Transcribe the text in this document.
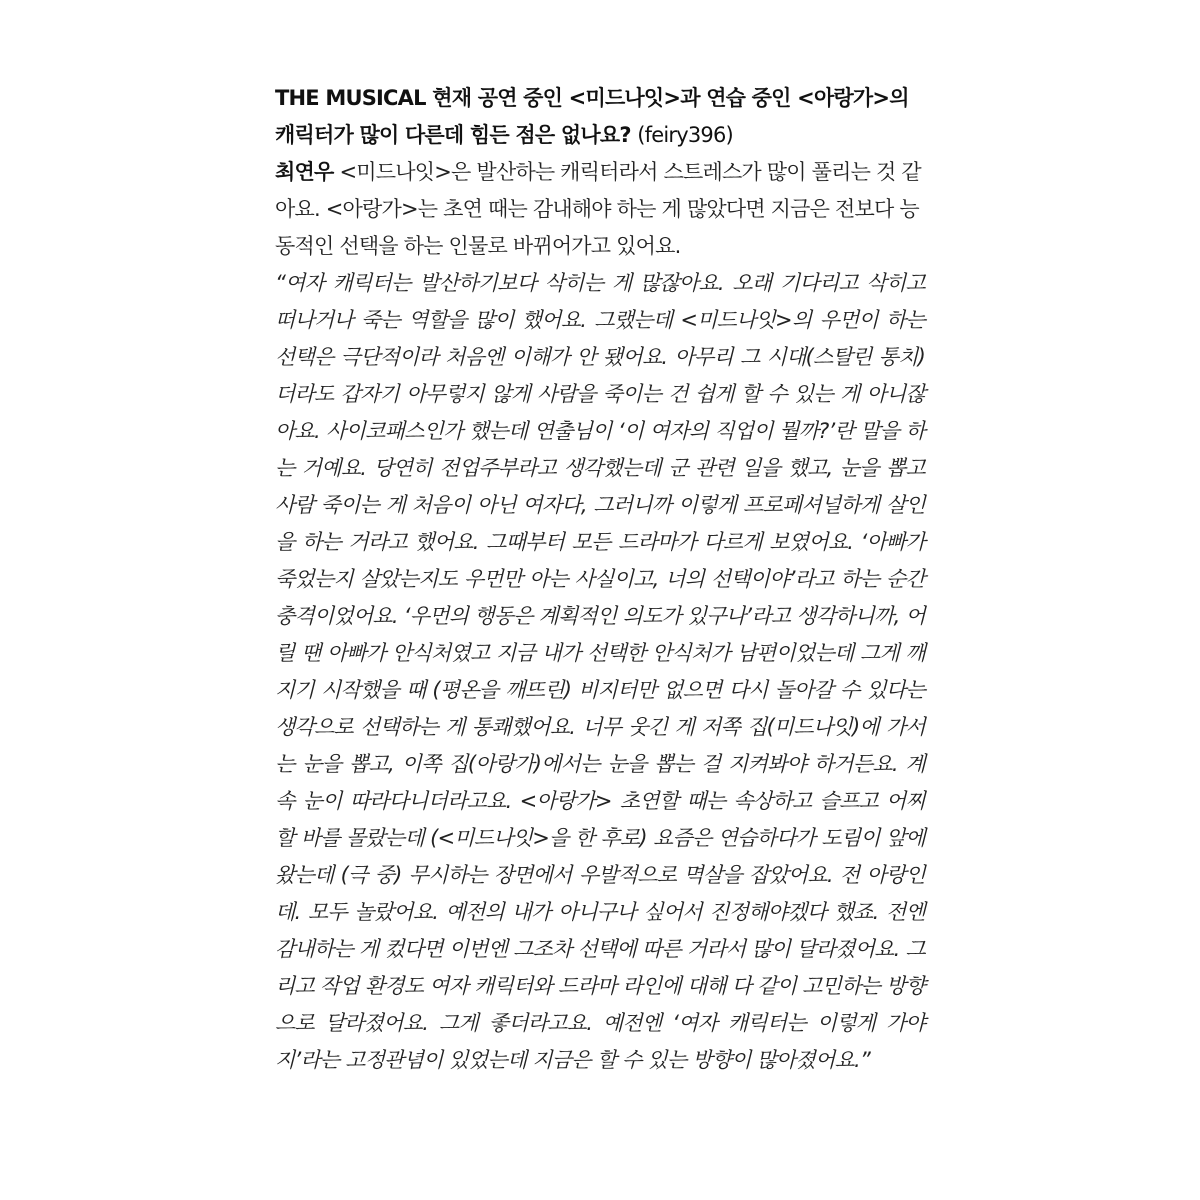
THE MUSICAL 현재 공연 중인 <미드나잇>과 연습 중인 <아랑가>의 캐릭터가 많이 다른데 힘든 점은 없나요? (feiry396)

최연우 <미드나잇>은 발산하는 캐릭터라서 스트레스가 많이 풀리는 것 같아요. <아랑가>는 초연 때는 감내해야 하는 게 많았다면 지금은 전보다 능동적인 선택을 하는 인물로 바뀌어가고 있어요.

“여자 캐릭터는 발산하기보다 삭히는 게 많잖아요. 오래 기다리고 삭히고 떠나거나 죽는 역할을 많이 했어요. 그랬는데 <미드나잇>의 우먼이 하는 선택은 극단적이라 처음엔 이해가 안 됐어요. 아무리 그 시대(스탈린 통치)더라도 갑자기 아무렇지 않게 사람을 죽이는 건 쉽게 할 수 있는 게 아니잖아요. 사이코패스인가 했는데 연출님이 ‘이 여자의 직업이 뭘까?’란 말을 하는 거예요. 당연히 전업주부라고 생각했는데 군 관련 일을 했고, 눈을 뽑고 사람 죽이는 게 처음이 아닌 여자다, 그러니까 이렇게 프로페셔널하게 살인을 하는 거라고 했어요. 그때부터 모든 드라마가 다르게 보였어요. ‘아빠가 죽었는지 살았는지도 우먼만 아는 사실이고, 너의 선택이야’라고 하는 순간 충격이었어요. ‘우먼의 행동은 계획적인 의도가 있구나’라고 생각하니까, 어릴 땐 아빠가 안식처였고 지금 내가 선택한 안식처가 남편이었는데 그게 깨지기 시작했을 때 (평온을 깨뜨린) 비지터만 없으면 다시 돌아갈 수 있다는 생각으로 선택하는 게 통쾌했어요. 너무 웃긴 게 저쪽 집(미드나잇)에 가서는 눈을 뽑고, 이쪽 집(아랑가)에서는 눈을 뽑는 걸 지켜봐야 하거든요. 계속 눈이 따라다니더라고요. <아랑가> 초연할 때는 속상하고 슬프고 어찌할 바를 몰랐는데 (<미드나잇>을 한 후로) 요즘은 연습하다가 도림이 앞에 왔는데 (극 중) 무시하는 장면에서 우발적으로 멱살을 잡았어요. 전 아랑인데. 모두 놀랐어요. 예전의 내가 아니구나 싶어서 진정해야겠다 했죠. 전엔 감내하는 게 컸다면 이번엔 그조차 선택에 따른 거라서 많이 달라졌어요. 그리고 작업 환경도 여자 캐릭터와 드라마 라인에 대해 다 같이 고민하는 방향으로 달라졌어요. 그게 좋더라고요. 예전엔 ‘여자 캐릭터는 이렇게 가야지’라는 고정관념이 있었는데 지금은 할 수 있는 방향이 많아졌어요.”
